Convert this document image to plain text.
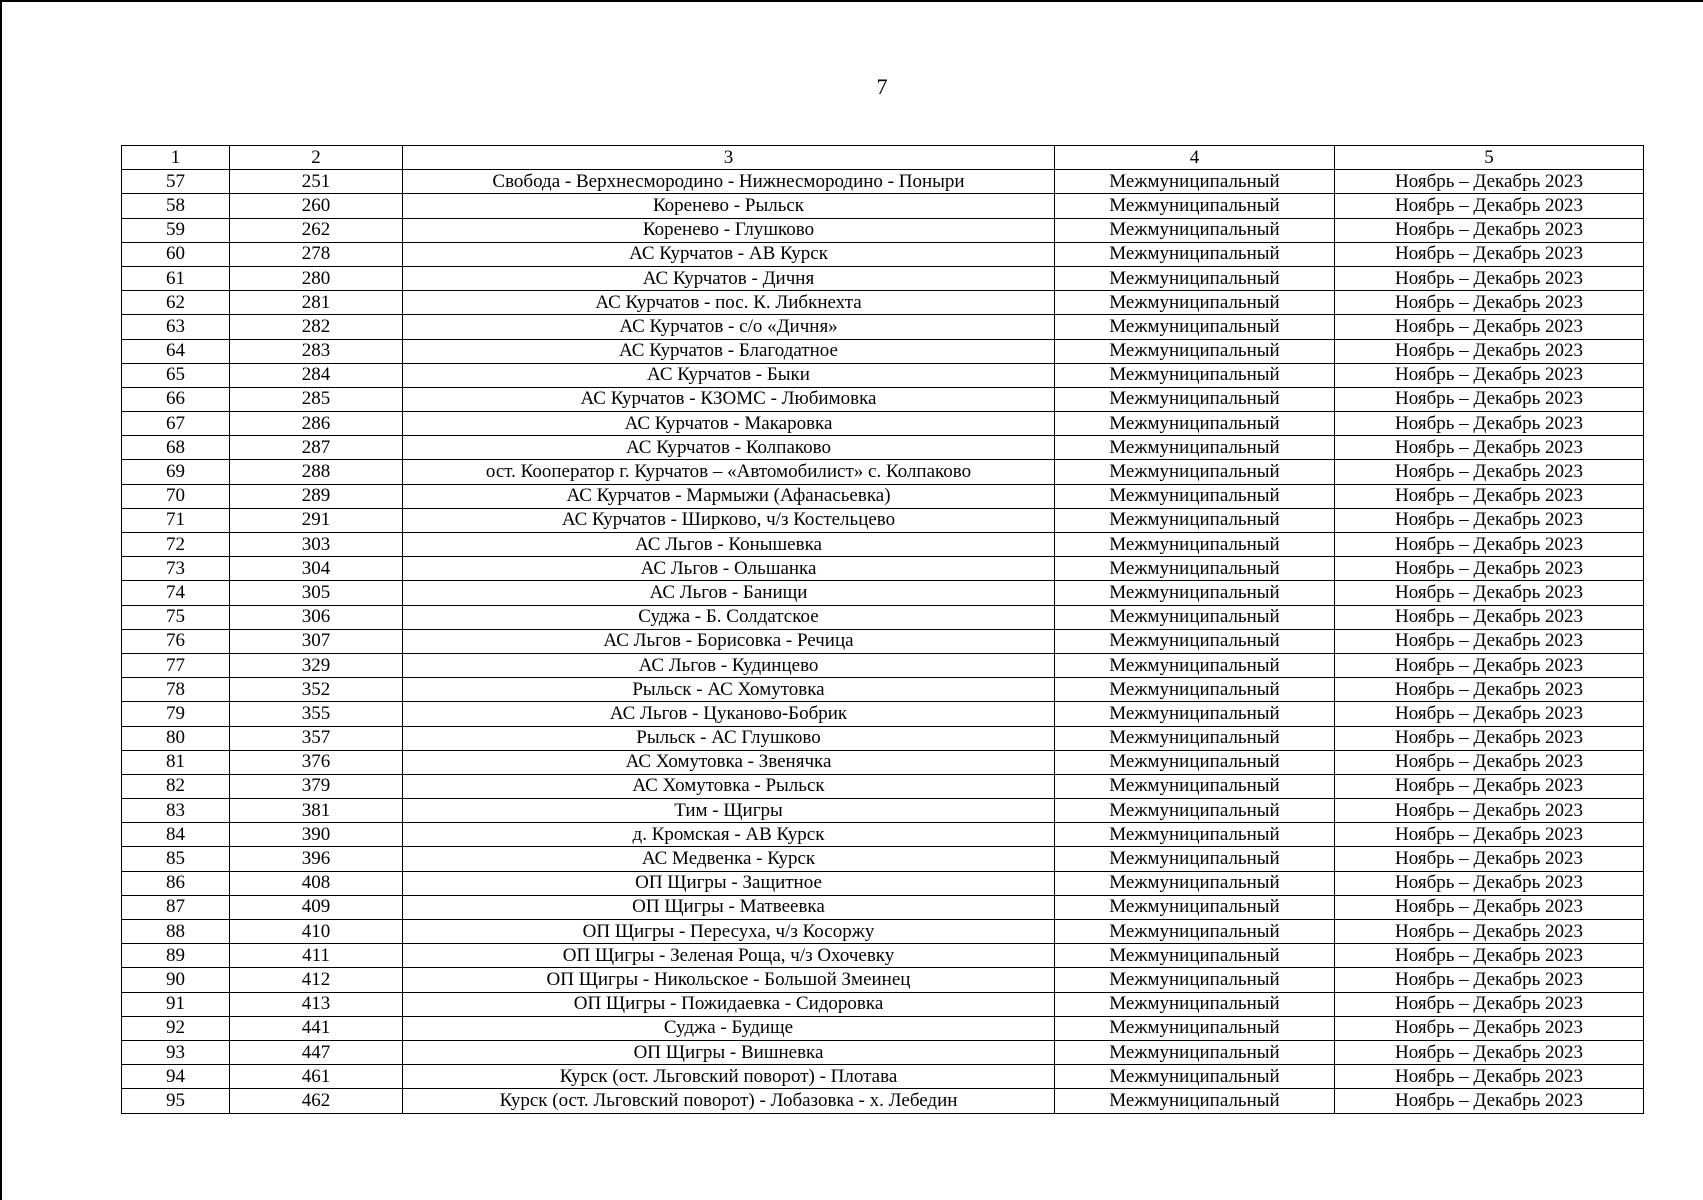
7
1	2	3	4	5
57	251	Свобода - Верхнесмородино - Нижнесмородино - Поныри	Межмуниципальный	Ноябрь – Декабрь 2023
58	260	Коренево - Рыльск	Межмуниципальный	Ноябрь – Декабрь 2023
59	262	Коренево - Глушково	Межмуниципальный	Ноябрь – Декабрь 2023
60	278	АС Курчатов - АВ Курск	Межмуниципальный	Ноябрь – Декабрь 2023
61	280	АС Курчатов - Дичня	Межмуниципальный	Ноябрь – Декабрь 2023
62	281	АС Курчатов - пос. К. Либкнехта	Межмуниципальный	Ноябрь – Декабрь 2023
63	282	АС Курчатов - с/о «Дичня»	Межмуниципальный	Ноябрь – Декабрь 2023
64	283	АС Курчатов - Благодатное	Межмуниципальный	Ноябрь – Декабрь 2023
65	284	АС Курчатов - Быки	Межмуниципальный	Ноябрь – Декабрь 2023
66	285	АС Курчатов - КЗОМС - Любимовка	Межмуниципальный	Ноябрь – Декабрь 2023
67	286	АС Курчатов - Макаровка	Межмуниципальный	Ноябрь – Декабрь 2023
68	287	АС Курчатов - Колпаково	Межмуниципальный	Ноябрь – Декабрь 2023
69	288	ост. Кооператор г. Курчатов – «Автомобилист» с. Колпаково	Межмуниципальный	Ноябрь – Декабрь 2023
70	289	АС Курчатов - Мармыжи (Афанасьевка)	Межмуниципальный	Ноябрь – Декабрь 2023
71	291	АС Курчатов - Ширково, ч/з Костельцево	Межмуниципальный	Ноябрь – Декабрь 2023
72	303	АС Льгов - Конышевка	Межмуниципальный	Ноябрь – Декабрь 2023
73	304	АС Льгов - Ольшанка	Межмуниципальный	Ноябрь – Декабрь 2023
74	305	АС Льгов - Банищи	Межмуниципальный	Ноябрь – Декабрь 2023
75	306	Суджа - Б. Солдатское	Межмуниципальный	Ноябрь – Декабрь 2023
76	307	АС Льгов - Борисовка - Речица	Межмуниципальный	Ноябрь – Декабрь 2023
77	329	АС Льгов - Кудинцево	Межмуниципальный	Ноябрь – Декабрь 2023
78	352	Рыльск - АС Хомутовка	Межмуниципальный	Ноябрь – Декабрь 2023
79	355	АС Льгов - Цуканово-Бобрик	Межмуниципальный	Ноябрь – Декабрь 2023
80	357	Рыльск - АС Глушково	Межмуниципальный	Ноябрь – Декабрь 2023
81	376	АС Хомутовка - Звенячка	Межмуниципальный	Ноябрь – Декабрь 2023
82	379	АС Хомутовка - Рыльск	Межмуниципальный	Ноябрь – Декабрь 2023
83	381	Тим - Щигры	Межмуниципальный	Ноябрь – Декабрь 2023
84	390	д. Кромская - АВ Курск	Межмуниципальный	Ноябрь – Декабрь 2023
85	396	АС Медвенка - Курск	Межмуниципальный	Ноябрь – Декабрь 2023
86	408	ОП Щигры - Защитное	Межмуниципальный	Ноябрь – Декабрь 2023
87	409	ОП Щигры - Матвеевка	Межмуниципальный	Ноябрь – Декабрь 2023
88	410	ОП Щигры - Пересуха, ч/з Косоржу	Межмуниципальный	Ноябрь – Декабрь 2023
89	411	ОП Щигры - Зеленая Роща, ч/з Охочевку	Межмуниципальный	Ноябрь – Декабрь 2023
90	412	ОП Щигры - Никольское - Большой Змеинец	Межмуниципальный	Ноябрь – Декабрь 2023
91	413	ОП Щигры - Пожидаевка - Сидоровка	Межмуниципальный	Ноябрь – Декабрь 2023
92	441	Суджа - Будище	Межмуниципальный	Ноябрь – Декабрь 2023
93	447	ОП Щигры - Вишневка	Межмуниципальный	Ноябрь – Декабрь 2023
94	461	Курск (ост. Льговский поворот) - Плотава	Межмуниципальный	Ноябрь – Декабрь 2023
95	462	Курск (ост. Льговский поворот) - Лобазовка - х. Лебедин	Межмуниципальный	Ноябрь – Декабрь 2023
